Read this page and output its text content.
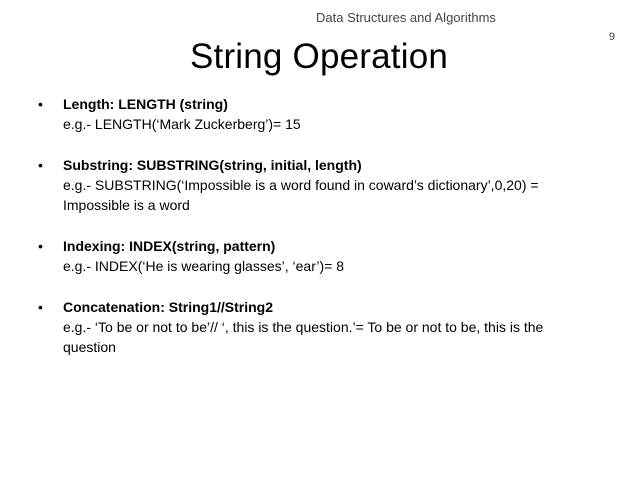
Data Structures and Algorithms
9
String Operation
•	Length: LENGTH (string)
e.g.- LENGTH(‘Mark Zuckerberg’)= 15
•	Substring: SUBSTRING(string, initial, length)
e.g.- SUBSTRING(‘Impossible is a word found in coward’s dictionary’,0,20) = Impossible is a word
•	Indexing: INDEX(string, pattern)
e.g.- INDEX(‘He is wearing glasses’, ‘ear’)= 8
•	Concatenation: String1//String2
e.g.- ‘To be or not to be’// ‘, this is the question.’= To be or not to be, this is the question
